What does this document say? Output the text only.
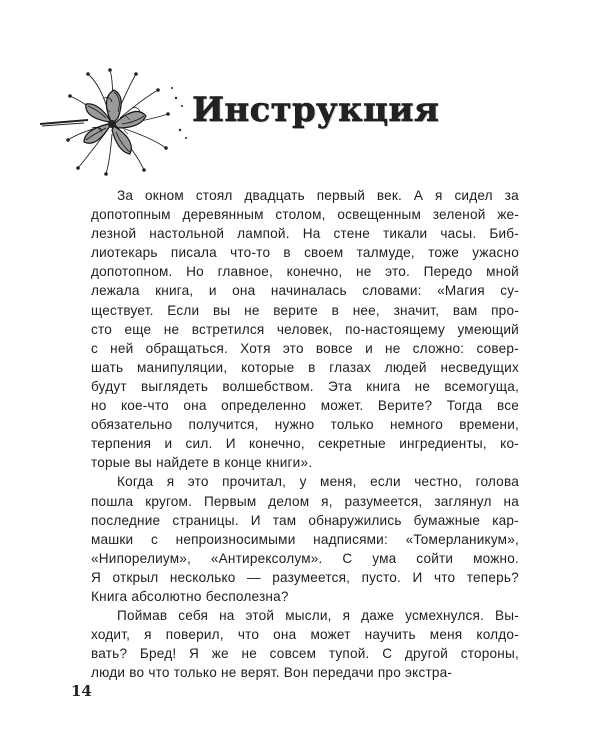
Инструкция
За окном стоял двадцать первый век. А я сидел за
допотопным деревянным столом, освещенным зеленой же-
лезной настольной лампой. На стене тикали часы. Биб-
лиотекарь писала что-то в своем талмуде, тоже ужасно
допотопном. Но главное, конечно, не это. Передо мной
лежала книга, и она начиналась словами: «Магия су-
ществует. Если вы не верите в нее, значит, вам про-
сто еще не встретился человек, по-настоящему умеющий
с ней обращаться. Хотя это вовсе и не сложно: совер-
шать манипуляции, которые в глазах людей несведущих
будут выглядеть волшебством. Эта книга не всемогуща,
но кое-что она определенно может. Верите? Тогда все
обязательно получится, нужно только немного времени,
терпения и сил. И конечно, секретные ингредиенты, ко-
торые вы найдете в конце книги».
Когда я это прочитал, у меня, если честно, голова
пошла кругом. Первым делом я, разумеется, заглянул на
последние страницы. И там обнаружились бумажные кар-
машки с непроизносимыми надписями: «Томерланикум»,
«Нипорелиум», «Антирексолум». С ума сойти можно.
Я открыл несколько — разумеется, пусто. И что теперь?
Книга абсолютно бесполезна?
Поймав себя на этой мысли, я даже усмехнулся. Вы-
ходит, я поверил, что она может научить меня колдо-
вать? Бред! Я же не совсем тупой. С другой стороны,
люди во что только не верят. Вон передачи про экстра-
14
